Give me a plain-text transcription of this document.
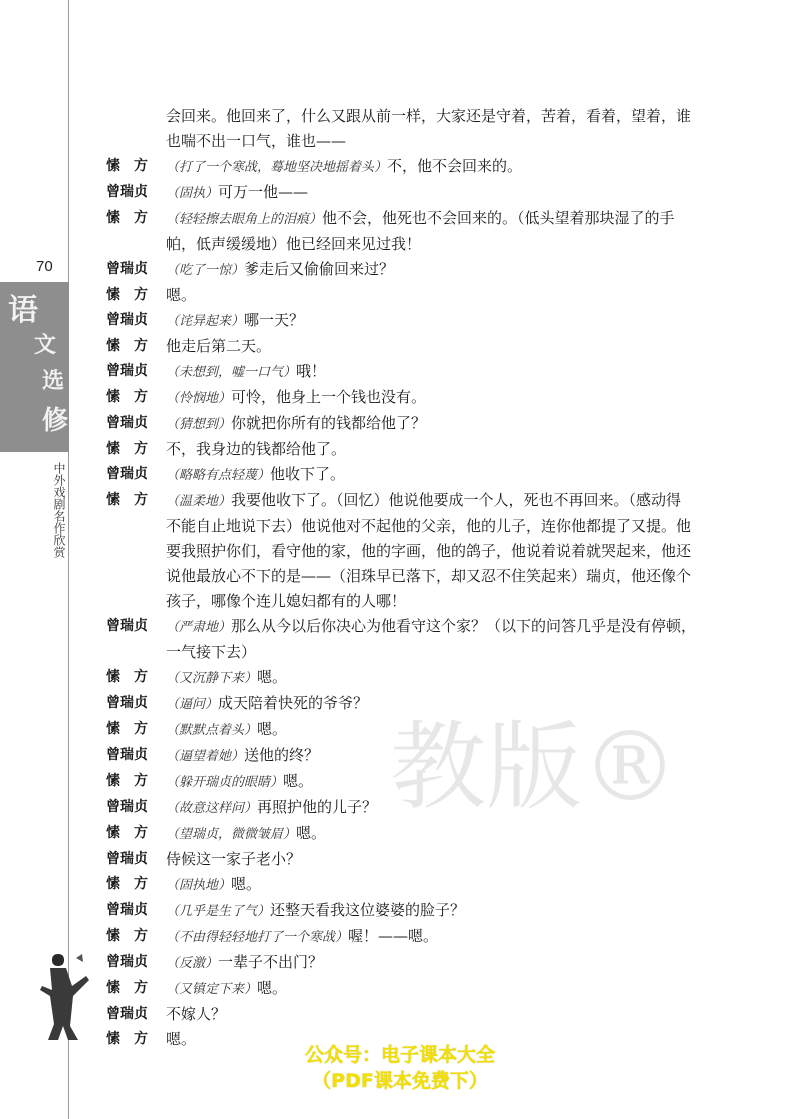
70
语
文
选
修
中外戏剧名作欣赏
教版®
会回来。他回来了，什么又跟从前一样，大家还是守着，苦着，看着，望着，谁
也喘不出一口气，谁也——
愫　方	（打了一个寒战，蓦地坚决地摇着头）不，他不会回来的。
曾瑞贞	（固执）可万一他——
愫　方	（轻轻擦去眼角上的泪痕）他不会，他死也不会回来的。（低头望着那块湿了的手
帕，低声缓缓地）他已经回来见过我！
曾瑞贞	（吃了一惊）爹走后又偷偷回来过？
愫　方	嗯。
曾瑞贞	（诧异起来）哪一天？
愫　方	他走后第二天。
曾瑞贞	（未想到，嘘一口气）哦！
愫　方	（怜悯地）可怜，他身上一个钱也没有。
曾瑞贞	（猜想到）你就把你所有的钱都给他了？
愫　方	不，我身边的钱都给他了。
曾瑞贞	（略略有点轻蔑）他收下了。
愫　方	（温柔地）我要他收下了。（回忆）他说他要成一个人，死也不再回来。（感动得
不能自止地说下去）他说他对不起他的父亲，他的儿子，连你他都提了又提。他
要我照护你们，看守他的家，他的字画，他的鸽子，他说着说着就哭起来，他还
说他最放心不下的是——（泪珠早已落下，却又忍不住笑起来）瑞贞，他还像个
孩子，哪像个连儿媳妇都有的人哪！
曾瑞贞	（严肃地）那么从今以后你决心为他看守这个家？（以下的问答几乎是没有停顿，
一气接下去）
愫　方	（又沉静下来）嗯。
曾瑞贞	（逼问）成天陪着快死的爷爷？
愫　方	（默默点着头）嗯。
曾瑞贞	（逼望着她）送他的终？
愫　方	（躲开瑞贞的眼睛）嗯。
曾瑞贞	（故意这样问）再照护他的儿子？
愫　方	（望瑞贞，微微皱眉）嗯。
曾瑞贞	侍候这一家子老小？
愫　方	（固执地）嗯。
曾瑞贞	（几乎是生了气）还整天看我这位婆婆的脸子？
愫　方	（不由得轻轻地打了一个寒战）喔！——嗯。
曾瑞贞	（反激）一辈子不出门？
愫　方	（又镇定下来）嗯。
曾瑞贞	不嫁人？
愫　方	嗯。
公众号：电子课本大全
（PDF课本免费下）
